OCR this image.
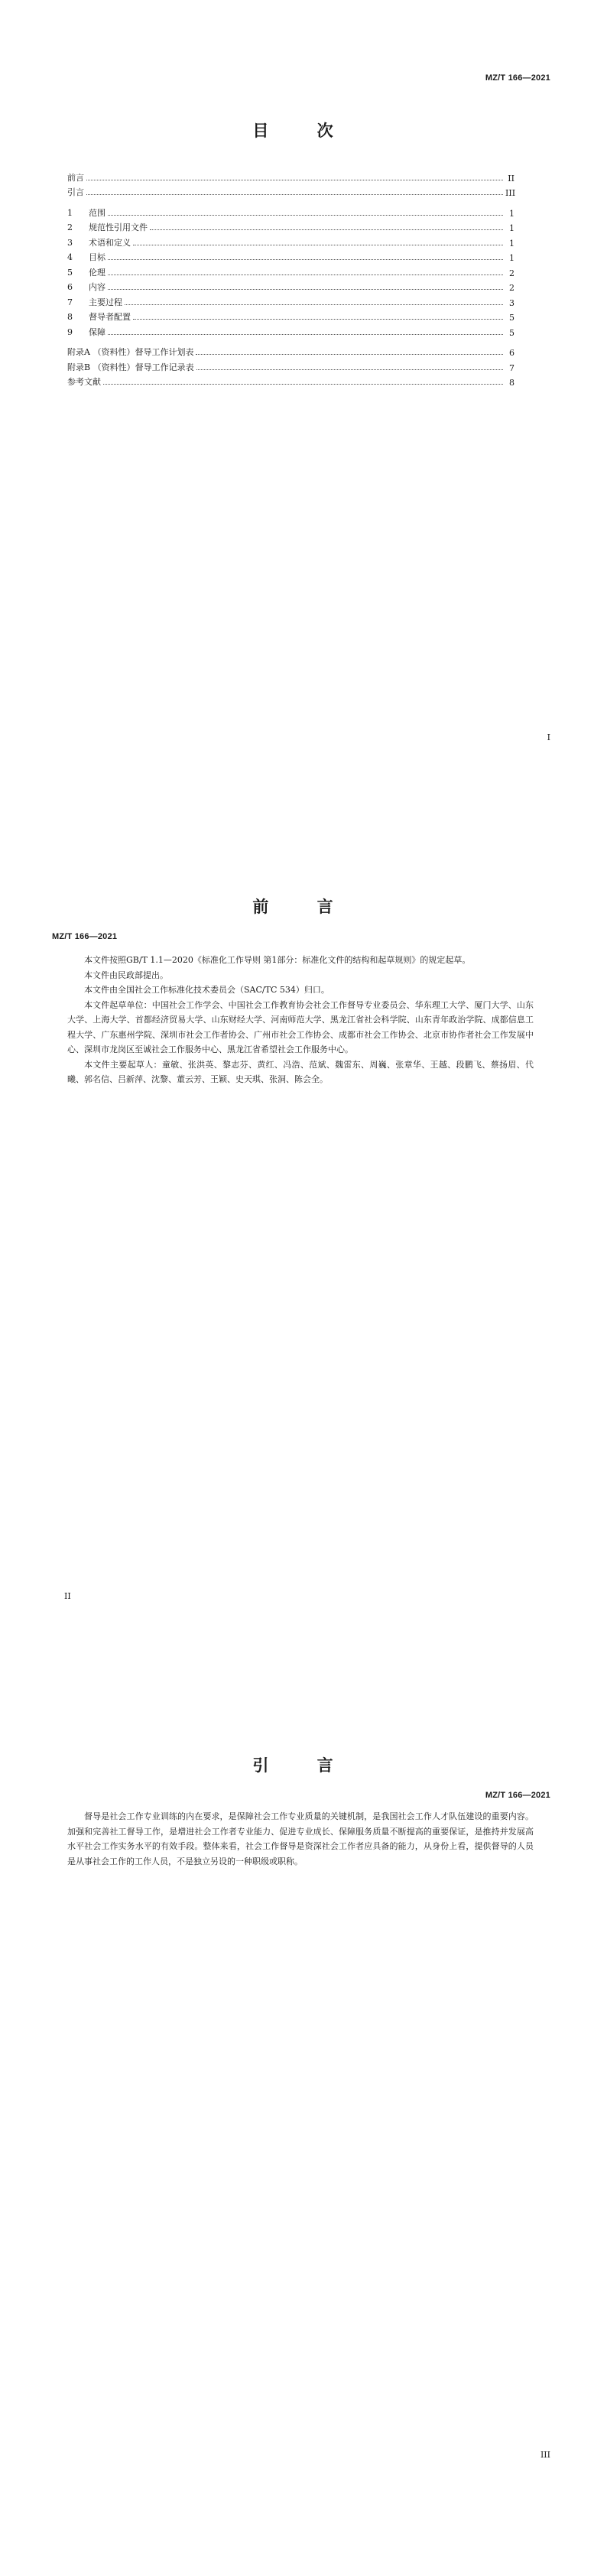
MZ/T 166—2021
目 次
前言	II
引言	III
1 范围	1
2 规范性引用文件	1
3 术语和定义	1
4 目标	1
5 伦理	2
6 内容	2
7 主要过程	3
8 督导者配置	5
9 保障	5
附录A （资料性）督导工作计划表	6
附录B （资料性）督导工作记录表	7
参考文献	8
I
MZ/T 166—2021
前 言

本文件按照GB/T 1.1—2020《标准化工作导则 第1部分：标准化文件的结构和起草规则》的规定起草。

本文件由民政部提出。

本文件由全国社会工作标准化技术委员会（SAC/TC 534）归口。

本文件起草单位：中国社会工作学会、中国社会工作教育协会社会工作督导专业委员会、华东理工大学、厦门大学、山东大学、上海大学、首都经济贸易大学、山东财经大学、河南师范大学、黑龙江省社会科学院、山东青年政治学院、成都信息工程大学、广东惠州学院、深圳市社会工作者协会、广州市社会工作协会、成都市社会工作协会、北京市协作者社会工作发展中心、深圳市龙岗区至诚社会工作服务中心、黑龙江省希望社会工作服务中心。

本文件主要起草人：童敏、张洪英、黎志芬、黄红、冯浩、范斌、魏雷东、周巍、张章华、王越、段鹏飞、蔡扬眉、代曦、郭名信、吕新萍、沈黎、董云芳、王颖、史天琪、张洞、陈会全。

II
MZ/T 166—2021
引 言

督导是社会工作专业训练的内在要求，是保障社会工作专业质量的关键机制，是我国社会工作人才队伍建设的重要内容。加强和完善社工督导工作，是增进社会工作者专业能力、促进专业成长、保障服务质量不断提高的重要保证，是推持并发展高水平社会工作实务水平的有效手段。整体来看，社会工作督导是资深社会工作者应具备的能力，从身份上看，提供督导的人员是从事社会工作的工作人员，不是独立另设的一种职级或职称。

III
